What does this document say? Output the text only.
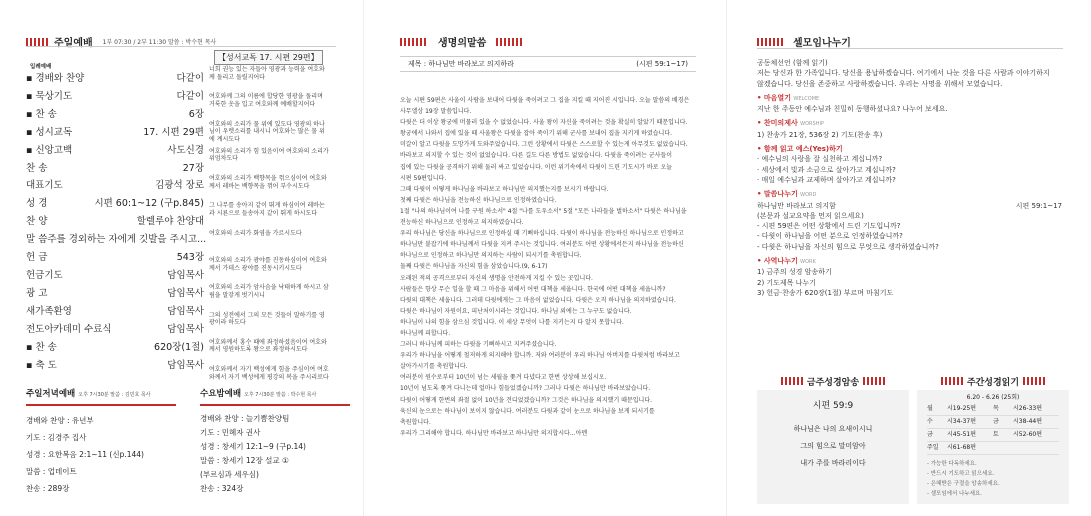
주일예배 1부 07:30 / 2부 11:30 말씀 : 박수현 목사
【성서교독 17. 시편 29편】
입례예배
▪ 경배와 찬양	다같이
▪ 묵상기도	다같이
▪ 찬 송	6장
▪ 성시교독	17. 시편 29편
▪ 신앙고백	사도신경
찬 송	27장
대표기도	김광석 장로
성 경	시편 60:1~12 (구p.845)
찬 양	할렐루야 찬양대
말 씀 주를 경외하는 자에게 깃발을 주시고...
헌 금	543장
헌금기도	담임목사
광 고	담임목사
새가족환영	담임목사
전도아카데미 수료식	담임목사
▪ 찬 송	620장(1절)
▪ 축 도	담임목사
너희 권능 있는 자들아 영광과 능력을 여호와께 돌리고 돌릴지어다
여호와께 그의 이름에 합당한 영광을 돌리며 거룩한 옷을 입고 여호와께 예배할지어다
여호와의 소리가 물 위에 있도다 영광의 하나님이 우렛소리를 내시니 여호와는 많은 물 위에 계시도다
여호와의 소리가 힘 있음이여 여호와의 소리가 위엄차도다
여호와의 소리가 백향목을 꺾으심이여 여호와께서 레바논 백향목을 꺾어 부수시도다
그 나무를 송아지 같이 뛰게 하심이여 레바논과 시룐으로 들송아지 같이 뛰게 하시도다
여호와의 소리가 화염을 가르시도다
여호와의 소리가 광야를 진동하심이여 여호와께서 가데스 광야를 진동시키시도다
여호와의 소리가 암사슴을 낙태하게 하시고 삼림을 말갛게 벗기시니
그의 성전에서 그의 모든 것들이 말하기를 영광이라 하도다
여호와께서 홍수 때에 좌정하셨음이여 여호와께서 영원하도록 왕으로 좌정하시도다
여호와께서 자기 백성에게 힘을 주심이여 여호와께서 자기 백성에게 평강의 복을 주시리로다
주일저녁예배 오후 7시30분 말씀 : 김민호 목사
경배와 찬양 : 유년부
기도 : 김경주 집사
성경 : 요한복음 2:1~11 (신p.144)
말씀 : 업데이트
찬송 : 289장
수요밤예배 오후 7시30분 말씀 : 박수현 목사
경배와 찬양 : 늘기쁨찬양팀
기도 : 민혜자 권사
성경 : 창세기 12:1~9 (구p.14)
말씀 : 창세기 12장 설교 ①
(부르심과 세우심)
찬송 : 324장
생명의말씀
제목 : 하나님만 바라보고 의지하라	(시편 59:1~17)

오늘 시편 59편은 사울이 사람을 보내어 다윗을 죽이려고 그 집을 지킬 때 지어진 시입니다. 오늘 말씀의 배경은

사무엘상 19장 말씀입니다.

다윗은 더 이상 왕궁에 머물러 있을 수 없었습니다. 사울 왕이 자신을 죽이려는 것을 확실히 알았기 때문입니다.

왕궁에서 나와서 집에 있을 때 사울왕은 다윗을 잡아 죽이기 위해 군사를 보내어 집을 지키게 하였습니다.

미갈이 알고 다윗을 도망가게 도와주었습니다. 그런 상황에서 다윗은 스스로할 수 있는게 아무것도 없었습니다.

바라보고 의지할 수 있는 것이 없었습니다. 다른 길도 다른 방법도 없었습니다. 다윗을 죽이려는 군사들이

집에 있는 다윗을 공격하기 위해 둘러 싸고 있었습니다. 이런 위기속에서 다윗이 드린 기도시가 바로 오늘

시편 59편입니다.

그때 다윗이 어떻게 하나님을 바라보고 하나님만 의지했는지를 보시기 바랍니다.

첫째 다윗은 하나님을 전능하신 하나님으로 인정하였습니다.

1절 "나의 하나님이여 나를 구원 하소서" 4절 "나를 도우소서" 5절 "모든 나라들을 벌하소서" 다윗은 하나님을

전능하신 하나님으로 인정하고 의지하였습니다.

우리 하나님은 당신을 하나님으로 인정하실 때 기뻐하십니다. 다윗이 하나님을 전능하신 하나님으로 인정하고

하나님만 붙잡기에 하나님께서 다윗을 지켜 주시는 것입니다. 여러분도 어떤 상황에서든지 하나님을 전능하신

하나님으로 인정하고 하나님만 의지하는 사람이 되시기를 축원합니다.

둘째 다윗은 하나님을 자신의 힘을 삼았습니다.(9, 6-17)

오래된 적의 공격으로부터 자신의 생명을 안전하게 지킬 수 있는 곳입니다.

사람들은 항상 무슨 일을 할 때 그 마음을 위해서 어떤 대책을 세웁니다. 한국에 어떤 대책을 세웁니까?

다윗의 대책은 세웁니다. 그러데 다윗에게는 그 마음이 없었습니다. 다윗은 오직 하나님을 의지하였습니다.

다윗은 하나님이 자원이요, 피난처이시라는 것입니다. 하나님 외에는 그 누구도 없습니다.

하나님이 나의 힘을 삼으심 것입니다. 이 세상 무엇이 나를 지키는지 다 알지 못합니다.

하나님께 피합니다.

그러니 하나님께 피하는 다윗을 기뻐하시고 지켜주셨습니다.

우리가 하나님을 어떻게 철저하게 의지해야 합니까. 저와 여러분이 우리 하나님 아버지를 다윗처럼 바라보고

살아가시기를 축원합니다.

여러분이 원수로부터 10년이 넘는 세월을 쫓겨 다녔다고 한번 상상해 보십시오.

10년이 넘도록 쫓겨 다니는데 얼마나 힘들었겠습니까? 그러나 다윗은 하나님만 바라보았습니다.

다윗이 어떻게 한번의 좌절 없이 10년을 견디었겠습니까? 그것은 하나님을 의지했기 때문입니다.

육신의 눈으로는 하나님이 보이지 않습니다. 여러분도 다윗과 같이 눈으로 하나님을 보게 되시기를

축원합니다.

우리가 그리해야 합니다. 하나님만 바라보고 하나님만 의지합시다...아멘

셀모임나누기
공동체선언 (함께 읽기)
저는 당신과 한 가족입니다. 당신을 용납하겠습니다. 여기에서 나눈 것을 다른 사람과 이야기하지
않겠습니다. 당신을 존중하고 사랑하겠습니다. 우리는 사명을 위해서 모였습니다.
• 마음열기 WELCOME
지난 한 주동안 예수님과 친밀히 동행하셨나요? 나누어 보세요.
• 찬미의제사 WORSHIP
1) 찬송가 21장, 536장 2) 기도(찬송 후)
• 함께 읽고 예스(Yes)하기
· 예수님의 사랑을 잘 실천하고 계십니까?
· 세상에서 빛과 소금으로 살아가고 계십니까?
· 매일 예수님과 교제하며 살아가고 계십니까?
• 말씀나누기 WORD
하나님만 바라보고 의지함	시편 59:1~17
(본문과 설교요약을 먼저 읽으세요)
- 시편 59편은 어떤 상황에서 드린 기도입니까?
- 다윗이 하나님을 어떤 분으로 인정하였습니까?
- 다윗은 하나님을 자신의 힘으로 무엇으로 생각하였습니까?
• 사역나누기 WORK
1) 금주의 성경 암송하기
2) 기도제목 나누기
3) 헌금·찬송가 620장(1절) 부르며 마침기도
금주성경암송
시편 59:9
하나님은 나의 요새이시니
그의 힘으로 말미암아
내가 주를 바라리이다
주간성경읽기
6.20 - 6.26 (25회)
월	시19-25편	목	시26-33편
수	시34-37편	금	시38-44편
금	시45-51편	토	시52-60편
주일	시61-68편
- 가능한 다독하세요.
- 반드시 기도하고 읽으세요.
- 은혜받은 구절을 암송하세요.
- 셀모임에서 나누세요.
